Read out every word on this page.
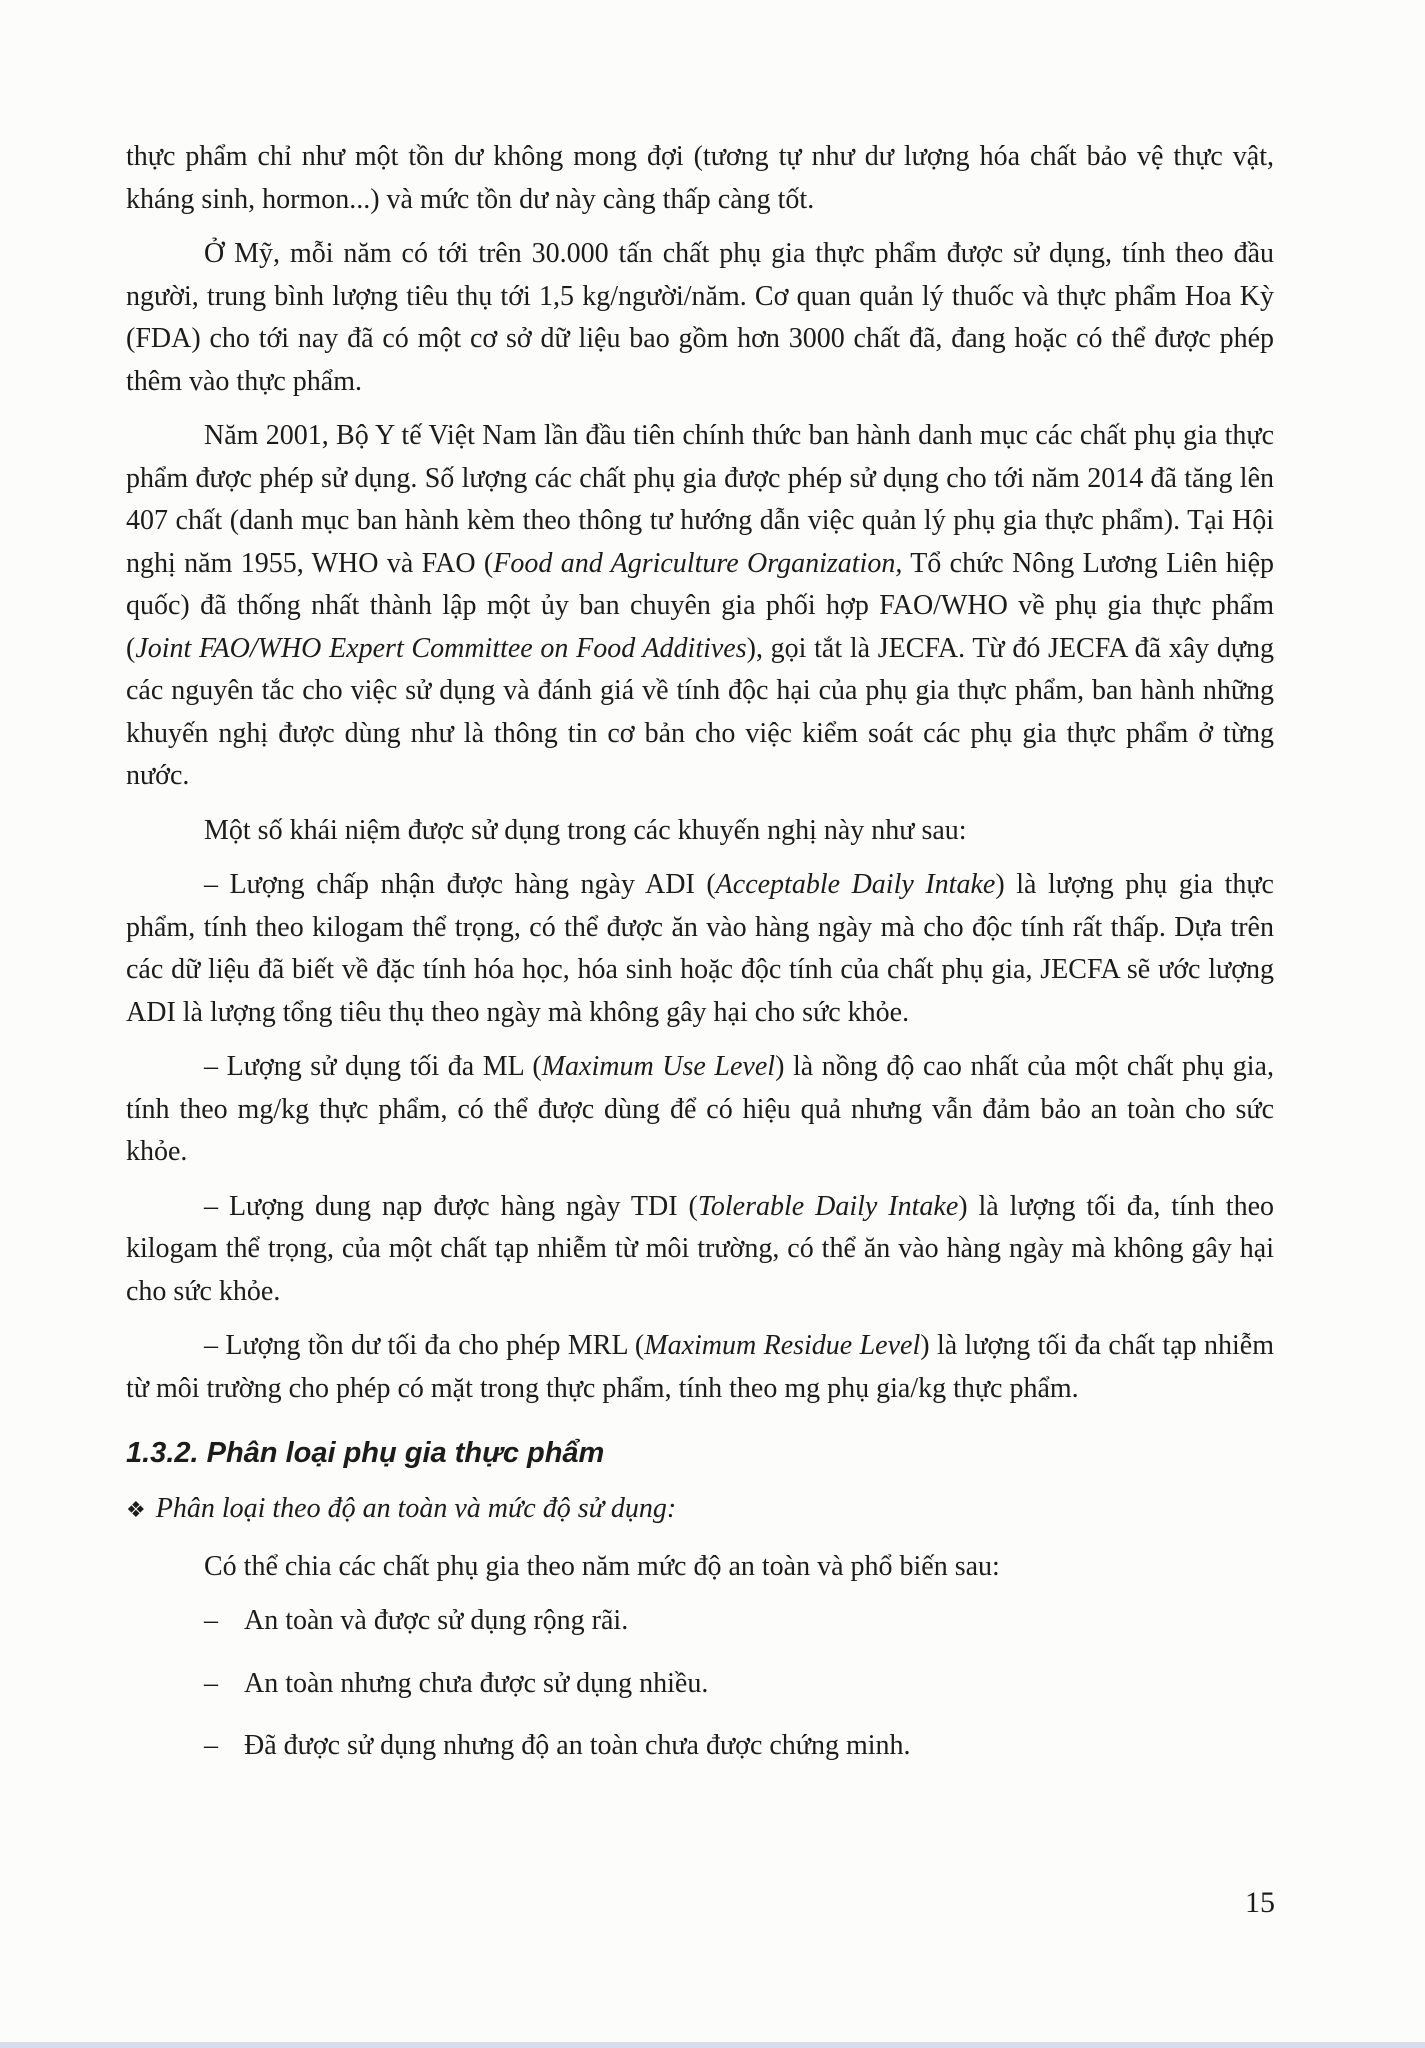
thực phẩm chỉ như một tồn dư không mong đợi (tương tự như dư lượng hóa chất bảo vệ thực vật, kháng sinh, hormon...) và mức tồn dư này càng thấp càng tốt.

Ở Mỹ, mỗi năm có tới trên 30.000 tấn chất phụ gia thực phẩm được sử dụng, tính theo đầu người, trung bình lượng tiêu thụ tới 1,5 kg/người/năm. Cơ quan quản lý thuốc và thực phẩm Hoa Kỳ (FDA) cho tới nay đã có một cơ sở dữ liệu bao gồm hơn 3000 chất đã, đang hoặc có thể được phép thêm vào thực phẩm.

Năm 2001, Bộ Y tế Việt Nam lần đầu tiên chính thức ban hành danh mục các chất phụ gia thực phẩm được phép sử dụng. Số lượng các chất phụ gia được phép sử dụng cho tới năm 2014 đã tăng lên 407 chất (danh mục ban hành kèm theo thông tư hướng dẫn việc quản lý phụ gia thực phẩm). Tại Hội nghị năm 1955, WHO và FAO (Food and Agriculture Organization, Tổ chức Nông Lương Liên hiệp quốc) đã thống nhất thành lập một ủy ban chuyên gia phối hợp FAO/WHO về phụ gia thực phẩm (Joint FAO/WHO Expert Committee on Food Additives), gọi tắt là JECFA. Từ đó JECFA đã xây dựng các nguyên tắc cho việc sử dụng và đánh giá về tính độc hại của phụ gia thực phẩm, ban hành những khuyến nghị được dùng như là thông tin cơ bản cho việc kiểm soát các phụ gia thực phẩm ở từng nước.

Một số khái niệm được sử dụng trong các khuyến nghị này như sau:

– Lượng chấp nhận được hàng ngày ADI (Acceptable Daily Intake) là lượng phụ gia thực phẩm, tính theo kilogam thể trọng, có thể được ăn vào hàng ngày mà cho độc tính rất thấp. Dựa trên các dữ liệu đã biết về đặc tính hóa học, hóa sinh hoặc độc tính của chất phụ gia, JECFA sẽ ước lượng ADI là lượng tổng tiêu thụ theo ngày mà không gây hại cho sức khỏe.

– Lượng sử dụng tối đa ML (Maximum Use Level) là nồng độ cao nhất của một chất phụ gia, tính theo mg/kg thực phẩm, có thể được dùng để có hiệu quả nhưng vẫn đảm bảo an toàn cho sức khỏe.

– Lượng dung nạp được hàng ngày TDI (Tolerable Daily Intake) là lượng tối đa, tính theo kilogam thể trọng, của một chất tạp nhiễm từ môi trường, có thể ăn vào hàng ngày mà không gây hại cho sức khỏe.

– Lượng tồn dư tối đa cho phép MRL (Maximum Residue Level) là lượng tối đa chất tạp nhiễm từ môi trường cho phép có mặt trong thực phẩm, tính theo mg phụ gia/kg thực phẩm.

1.3.2. Phân loại phụ gia thực phẩm

❖ Phân loại theo độ an toàn và mức độ sử dụng:

Có thể chia các chất phụ gia theo năm mức độ an toàn và phổ biến sau:

– An toàn và được sử dụng rộng rãi.
– An toàn nhưng chưa được sử dụng nhiều.
– Đã được sử dụng nhưng độ an toàn chưa được chứng minh.
15
